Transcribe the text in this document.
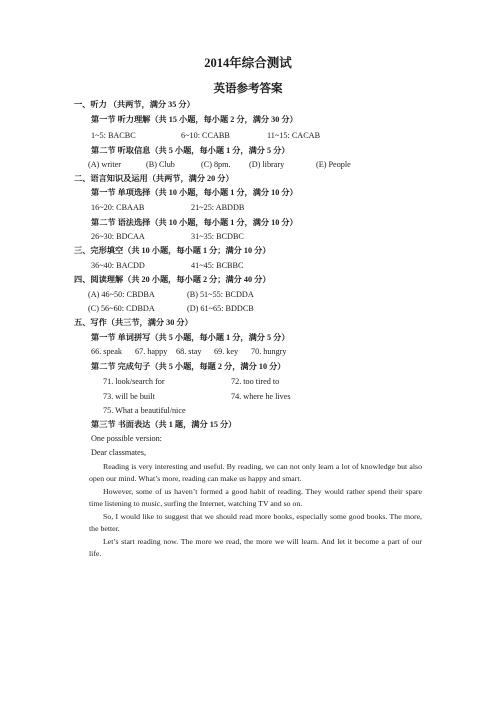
2014年综合测试
英语参考答案
一、听力 （共两节，满分 35 分）
第一节 听力理解（共 15 小题，每小题 2 分，满分 30 分）
1~5: BACBC	6~10: CCABB	11~15: CACAB
第二节 听取信息（共 5 小题，每小题 1 分，满分 5 分）
(A) writer	(B) Club	(C) 8pm. (D) library	(E) People
二、语言知识及运用（共两节，满分 20 分）
第一节 单项选择（共 10 小题，每小题 1 分，满分 10 分）
16~20: CBAAB	21~25: ABDDB
第二节 语法选择（共 10 小题，每小题 1 分，满分 10 分）
26~30: BDCAA	31~35: BCDBC
三、完形填空（共 10 小题，每小题 1 分；满分 10 分）
36~40: BACDD	41~45: BCBBC
四、阅读理解（共 20 小题，每小题 2 分；满分 40 分）
(A) 46~50: CBDBA	(B) 51~55: BCDDA
(C) 56~60: CDBDA	(D) 61~65: BDDCB
五、写作（共三节，满分 30 分）
第一节 单词拼写（共 5 小题，每小题 1 分，满分 5 分）
66. speak 67. happy 68. stay 69. key 70. hungry
第二节 完成句子（共 5 小题，每题 2 分，满分 10 分）
71. look/search for	72. too tired to
73. will be built	74. where he lives
75. What a beautiful/nice
第三节 书面表达（共 1 题，满分 15 分）
One possible version:
Dear classmates,
Reading is very interesting and useful. By reading, we can not only learn a lot of knowledge but also open our mind. What’s more, reading can make us happy and smart.
However, some of us haven’t formed a good habit of reading. They would rather spend their spare time listening to music, surfing the Internet, watching TV and so on.
So, I would like to suggest that we should read more books, especially some good books. The more, the better.
Let’s start reading now. The more we read, the more we will learn. And let it become a part of our life.
